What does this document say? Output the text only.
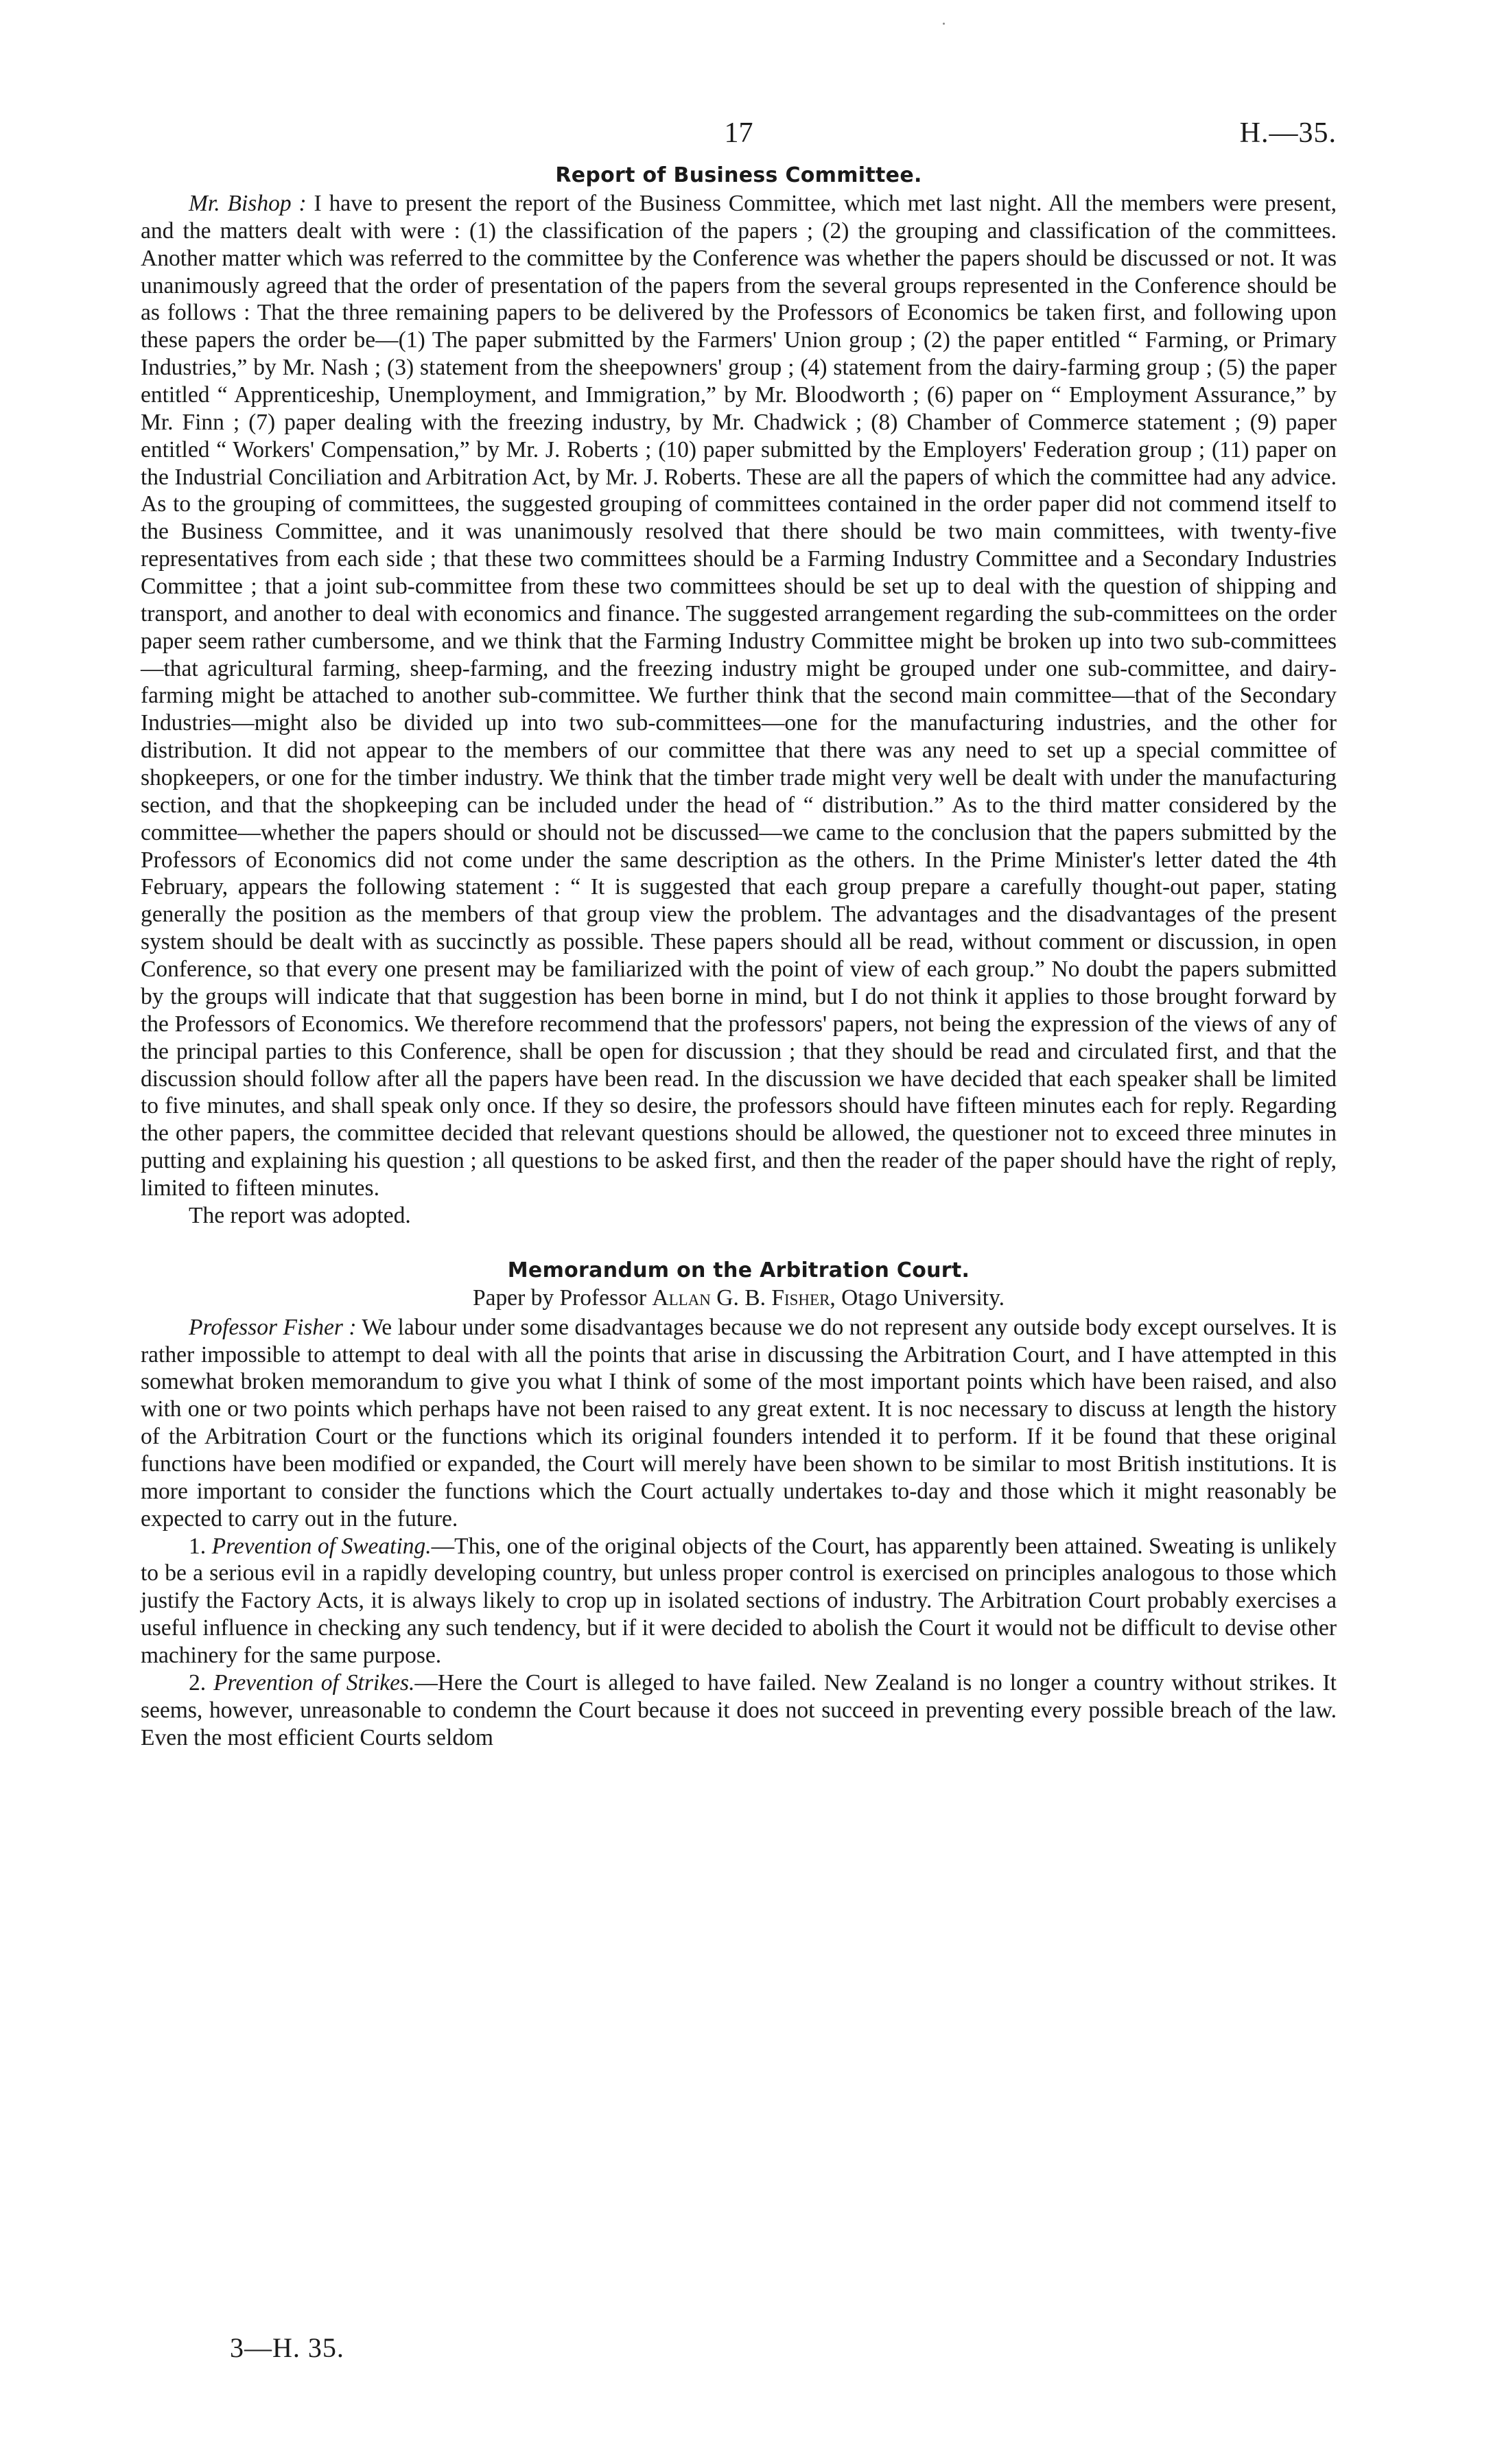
17	H.—35.
Report of Business Committee.

Mr. Bishop : I have to present the report of the Business Committee, which met last night. All the members were present, and the matters dealt with were : (1) the classification of the papers ; (2) the grouping and classification of the committees. Another matter which was referred to the committee by the Conference was whether the papers should be discussed or not. It was unanimously agreed that the order of presentation of the papers from the several groups represented in the Conference should be as follows : That the three remaining papers to be delivered by the Professors of Economics be taken first, and following upon these papers the order be—(1) The paper submitted by the Farmers' Union group ; (2) the paper entitled “ Farming, or Primary Industries,” by Mr. Nash ; (3) statement from the sheepowners' group ; (4) statement from the dairy-farming group ; (5) the paper entitled “ Apprenticeship, Unemployment, and Immigration,” by Mr. Bloodworth ; (6) paper on “ Employment Assurance,” by Mr. Finn ; (7) paper dealing with the freezing industry, by Mr. Chadwick ; (8) Chamber of Commerce statement ; (9) paper entitled “ Workers' Compensation,” by Mr. J. Roberts ; (10) paper submitted by the Employers' Federation group ; (11) paper on the Industrial Conciliation and Arbitration Act, by Mr. J. Roberts. These are all the papers of which the committee had any advice. As to the grouping of committees, the suggested grouping of committees contained in the order paper did not commend itself to the Business Committee, and it was unanimously resolved that there should be two main committees, with twenty-five representatives from each side ; that these two committees should be a Farming Industry Committee and a Secondary Industries Committee ; that a joint sub-committee from these two committees should be set up to deal with the question of shipping and transport, and another to deal with economics and finance. The suggested arrangement regarding the sub-committees on the order paper seem rather cumbersome, and we think that the Farming Industry Committee might be broken up into two sub-committees—that agricultural farming, sheep-farming, and the freezing industry might be grouped under one sub-committee, and dairy-farming might be attached to another sub-committee. We further think that the second main committee—that of the Secondary Industries—might also be divided up into two sub-committees—one for the manufacturing industries, and the other for distribution. It did not appear to the members of our committee that there was any need to set up a special committee of shopkeepers, or one for the timber industry. We think that the timber trade might very well be dealt with under the manufacturing section, and that the shopkeeping can be included under the head of “ distribution.” As to the third matter considered by the committee—whether the papers should or should not be discussed—we came to the conclusion that the papers submitted by the Professors of Economics did not come under the same description as the others. In the Prime Minister's letter dated the 4th February, appears the following statement : “ It is suggested that each group prepare a carefully thought-out paper, stating generally the position as the members of that group view the problem. The advantages and the disadvantages of the present system should be dealt with as succinctly as possible. These papers should all be read, without comment or discussion, in open Conference, so that every one present may be familiarized with the point of view of each group.” No doubt the papers submitted by the groups will indicate that that suggestion has been borne in mind, but I do not think it applies to those brought forward by the Professors of Economics. We therefore recommend that the professors' papers, not being the expression of the views of any of the principal parties to this Conference, shall be open for discussion ; that they should be read and circulated first, and that the discussion should follow after all the papers have been read. In the discussion we have decided that each speaker shall be limited to five minutes, and shall speak only once. If they so desire, the professors should have fifteen minutes each for reply. Regarding the other papers, the committee decided that relevant questions should be allowed, the questioner not to exceed three minutes in putting and explaining his question ; all questions to be asked first, and then the reader of the paper should have the right of reply, limited to fifteen minutes.

The report was adopted.

Memorandum on the Arbitration Court.
Paper by Professor Allan G. B. Fisher, Otago University.

Professor Fisher : We labour under some disadvantages because we do not represent any outside body except ourselves. It is rather impossible to attempt to deal with all the points that arise in discussing the Arbitration Court, and I have attempted in this somewhat broken memorandum to give you what I think of some of the most important points which have been raised, and also with one or two points which perhaps have not been raised to any great extent. It is noc necessary to discuss at length the history of the Arbitration Court or the functions which its original founders intended it to perform. If it be found that these original functions have been modified or expanded, the Court will merely have been shown to be similar to most British institutions. It is more important to consider the functions which the Court actually undertakes to-day and those which it might reasonably be expected to carry out in the future.

1. Prevention of Sweating.—This, one of the original objects of the Court, has apparently been attained. Sweating is unlikely to be a serious evil in a rapidly developing country, but unless proper control is exercised on principles analogous to those which justify the Factory Acts, it is always likely to crop up in isolated sections of industry. The Arbitration Court probably exercises a useful influence in checking any such tendency, but if it were decided to abolish the Court it would not be difficult to devise other machinery for the same purpose.

2. Prevention of Strikes.—Here the Court is alleged to have failed. New Zealand is no longer a country without strikes. It seems, however, unreasonable to condemn the Court because it does not succeed in preventing every possible breach of the law. Even the most efficient Courts seldom

3—H. 35.
